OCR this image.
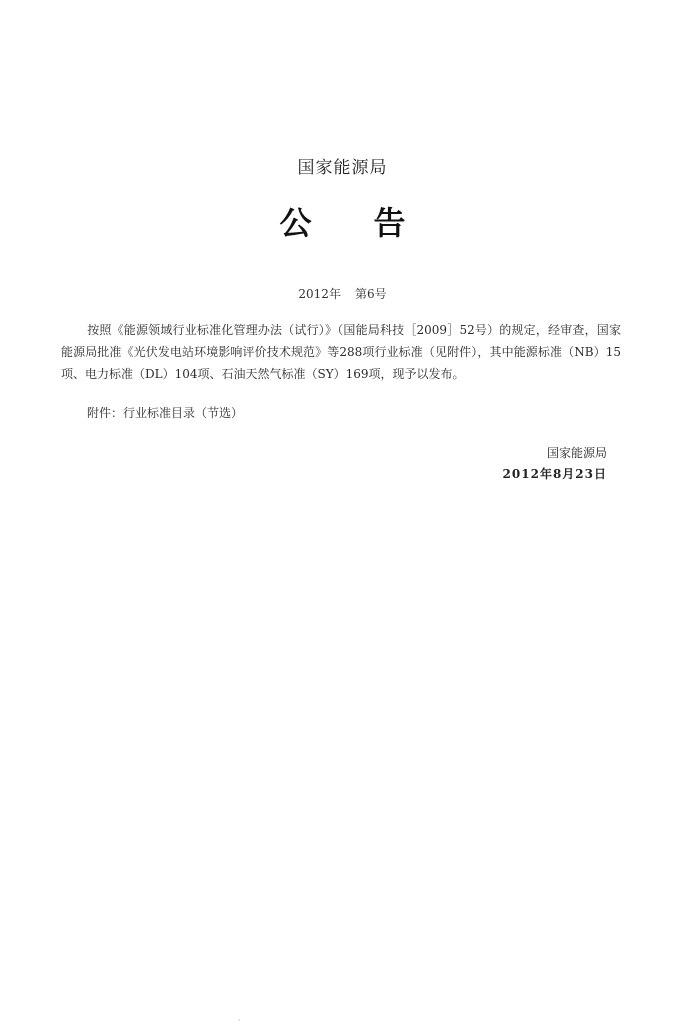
国家能源局
公 告
2012年 第6号
按照《能源领域行业标准化管理办法（试行）》（国能局科技［2009］52号）的规定，经审查，国家能源局批准《光伏发电站环境影响评价技术规范》等288项行业标准（见附件），其中能源标准（NB）15项、电力标准（DL）104项、石油天然气标准（SY）169项，现予以发布。
附件：行业标准目录（节选）
国家能源局
2012年8月23日
·
